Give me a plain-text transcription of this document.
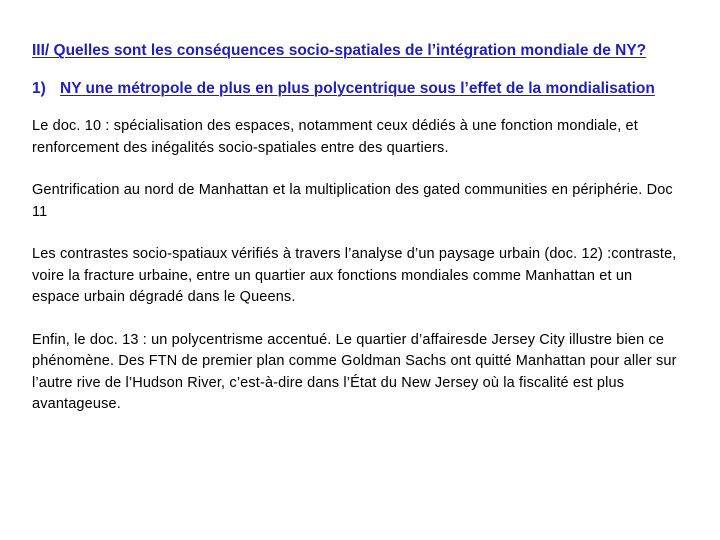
III/ Quelles sont les conséquences socio-spatiales de l’intégration mondiale de NY?
1) NY une métropole de plus en plus polycentrique sous l’effet de la mondialisation

Le doc. 10 : spécialisation des espaces, notamment ceux dédiés à une fonction mondiale, et renforcement des inégalités socio-spatiales entre des quartiers.

Gentrification au nord de Manhattan et la multiplication des gated communities en périphérie. Doc 11

Les contrastes socio-spatiaux vérifiés à travers l’analyse d’un paysage urbain (doc. 12) :contraste, voire la fracture urbaine, entre un quartier aux fonctions mondiales comme Manhattan et un espace urbain dégradé dans le Queens.

Enfin, le doc. 13 : un polycentrisme accentué. Le quartier d’affairesde Jersey City illustre bien ce phénomène. Des FTN de premier plan comme Goldman Sachs ont quitté Manhattan pour aller sur l’autre rive de l’Hudson River, c’est-à-dire dans l’État du New Jersey où la fiscalité est plus avantageuse.
